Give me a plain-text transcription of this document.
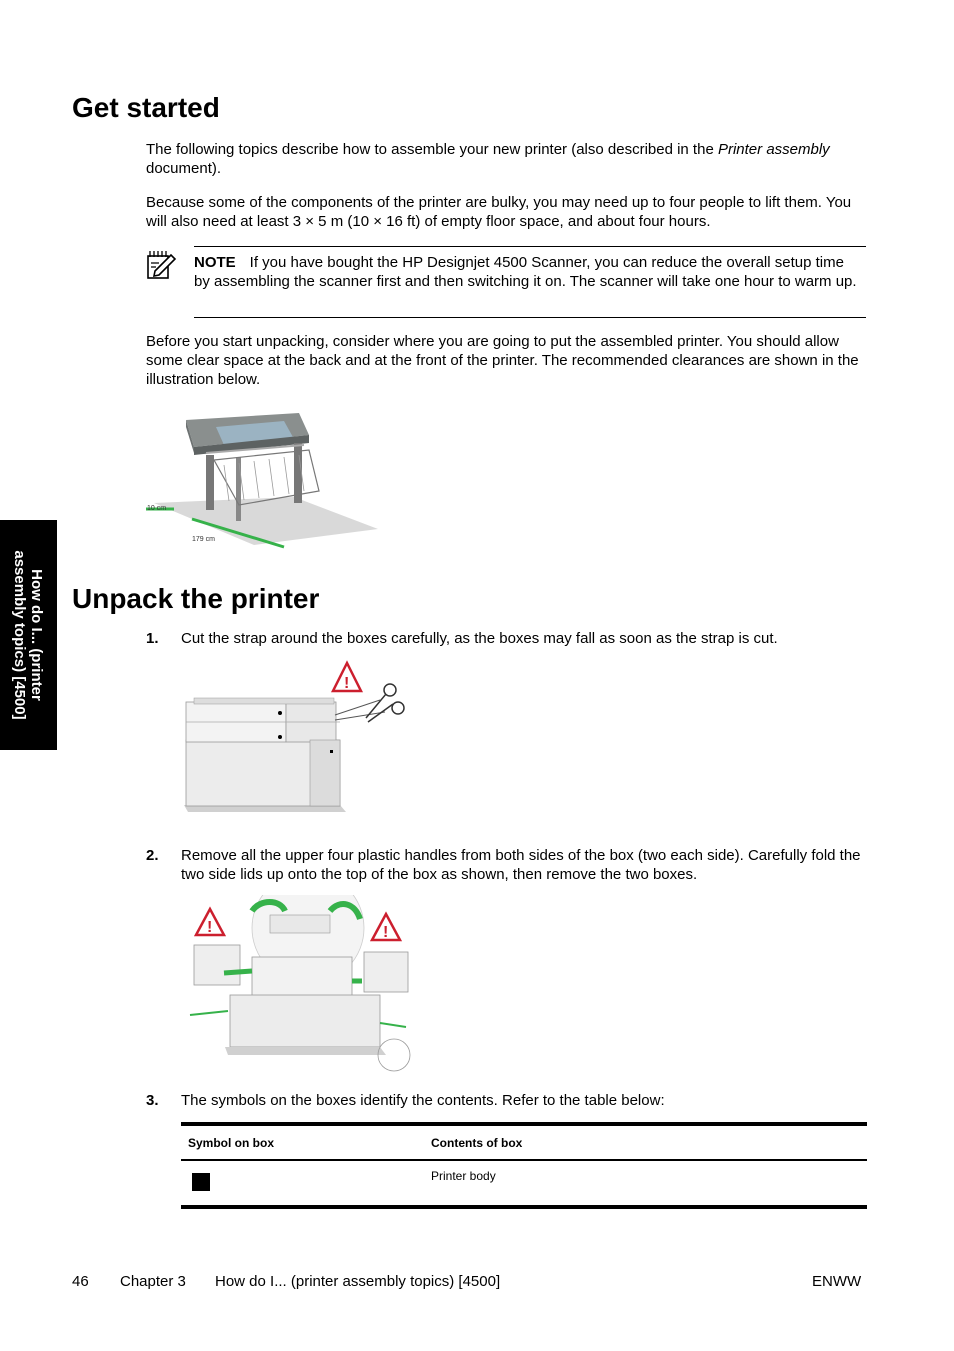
Get started

The following topics describe how to assemble your new printer (also described in the Printer assembly document).

Because some of the components of the printer are bulky, you may need up to four people to lift them. You will also need at least 3 × 5 m (10 × 16 ft) of empty floor space, and about four hours.

NOTE If you have bought the HP Designjet 4500 Scanner, you can reduce the overall setup time by assembling the scanner first and then switching it on. The scanner will take one hour to warm up.

Before you start unpacking, consider where you are going to put the assembled printer. You should allow some clear space at the back and at the front of the printer. The recommended clearances are shown in the illustration below.

10 cm
179 cm
How do I... (printer
assembly topics) [4500]
Unpack the printer
1. Cut the strap around the boxes carefully, as the boxes may fall as soon as the strap is cut.
!
2. Remove all the upper four plastic handles from both sides of the box (two each side). Carefully fold the two side lids up onto the top of the box as shown, then remove the two boxes.
!	!
3. The symbols on the boxes identify the contents. Refer to the table below:
Symbol on box	Contents of box
Printer body
46 Chapter 3 How do I... (printer assembly topics) [4500]	ENWW
